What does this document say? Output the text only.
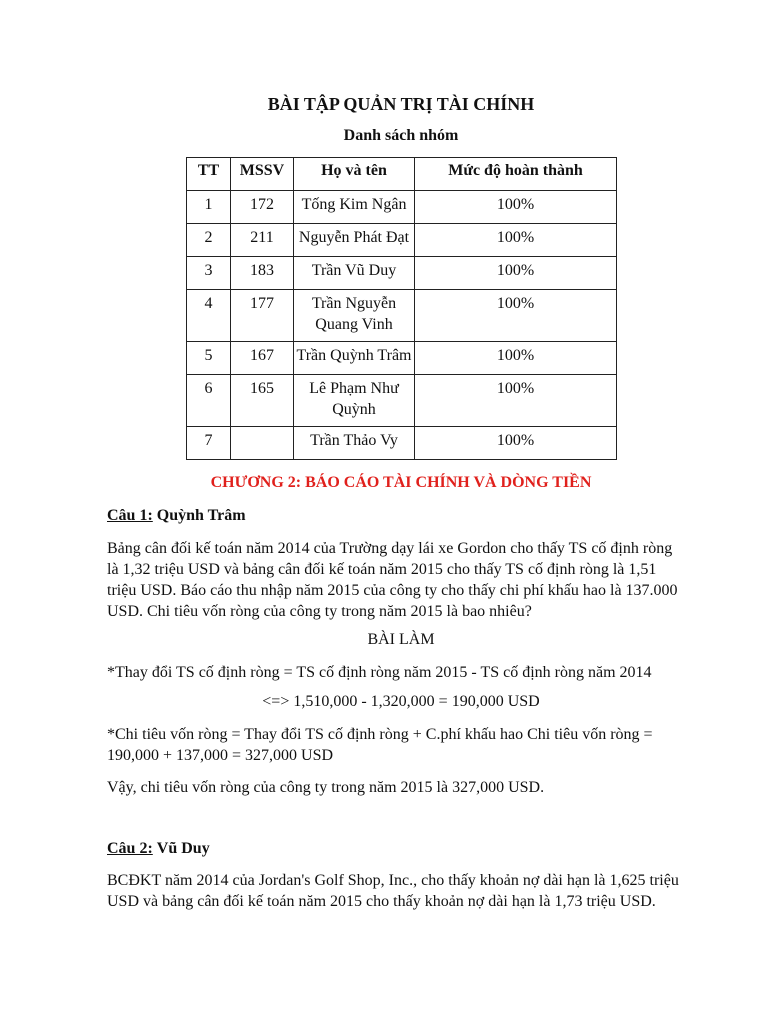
BÀI TẬP QUẢN TRỊ TÀI CHÍNH
Danh sách nhóm
TT	MSSV	Họ và tên	Mức độ hoàn thành
1	172	Tống Kim Ngân	100%
2	211	Nguyễn Phát Đạt	100%
3	183	Trần Vũ Duy	100%
4	177	Trần Nguyễn Quang Vinh	100%
5	167	Trần Quỳnh Trâm	100%
6	165	Lê Phạm Như Quỳnh	100%
7		Trần Thảo Vy	100%
CHƯƠNG 2: BÁO CÁO TÀI CHÍNH VÀ DÒNG TIỀN
Câu 1: Quỳnh Trâm
Bảng cân đối kế toán năm 2014 của Trường dạy lái xe Gordon cho thấy TS cố định ròng là 1,32 triệu USD và bảng cân đối kế toán năm 2015 cho thấy TS cố định ròng là 1,51 triệu USD. Báo cáo thu nhập năm 2015 của công ty cho thấy chi phí khấu hao là 137.000 USD. Chi tiêu vốn ròng của công ty trong năm 2015 là bao nhiêu?
BÀI LÀM
*Thay đổi TS cố định ròng = TS cố định ròng năm 2015 - TS cố định ròng năm 2014
<=> 1,510,000 - 1,320,000 = 190,000 USD
*Chi tiêu vốn ròng = Thay đổi TS cố định ròng + C.phí khấu hao Chi tiêu vốn ròng = 190,000 + 137,000 = 327,000 USD
Vậy, chi tiêu vốn ròng của công ty trong năm 2015 là 327,000 USD.
Câu 2: Vũ Duy
BCĐKT năm 2014 của Jordan's Golf Shop, Inc., cho thấy khoản nợ dài hạn là 1,625 triệu USD và bảng cân đối kế toán năm 2015 cho thấy khoản nợ dài hạn là 1,73 triệu USD.
